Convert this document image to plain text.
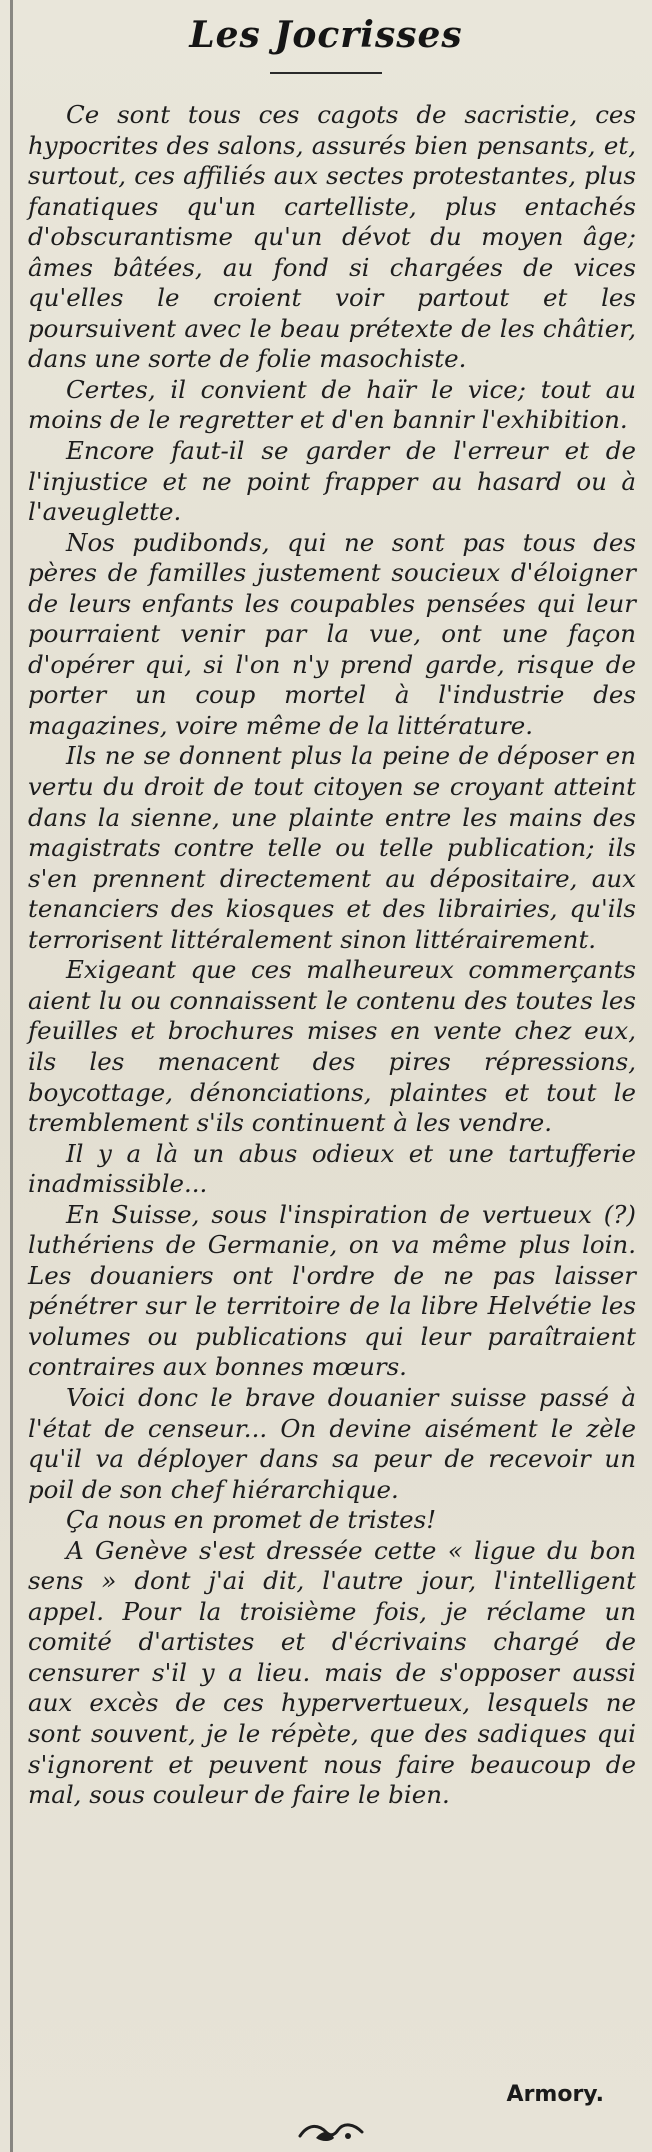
Les Jocrisses

Ce sont tous ces cagots de sacristie, ces hypocrites des salons, assurés bien pensants, et, surtout, ces affiliés aux sectes protestantes, plus fanatiques qu'un cartelliste, plus entachés d'obscurantisme qu'un dévot du moyen âge; âmes bâtées, au fond si chargées de vices qu'elles le croient voir partout et les poursuivent avec le beau prétexte de les châtier, dans une sorte de folie masochiste.

Certes, il convient de haïr le vice; tout au moins de le regretter et d'en bannir l'exhibition.

Encore faut-il se garder de l'erreur et de l'injustice et ne point frapper au hasard ou à l'aveuglette.

Nos pudibonds, qui ne sont pas tous des pères de familles justement soucieux d'éloigner de leurs enfants les coupables pensées qui leur pourraient venir par la vue, ont une façon d'opérer qui, si l'on n'y prend garde, risque de porter un coup mortel à l'industrie des magazines, voire même de la littérature.

Ils ne se donnent plus la peine de déposer en vertu du droit de tout citoyen se croyant atteint dans la sienne, une plainte entre les mains des magistrats contre telle ou telle publication; ils s'en prennent directement au dépositaire, aux tenanciers des kiosques et des librairies, qu'ils terrorisent littéralement sinon littérairement.

Exigeant que ces malheureux commerçants aient lu ou connaissent le contenu des toutes les feuilles et brochures mises en vente chez eux, ils les menacent des pires répressions, boycottage, dénonciations, plaintes et tout le tremblement s'ils continuent à les vendre.

Il y a là un abus odieux et une tartufferie inadmissible...

En Suisse, sous l'inspiration de vertueux (?) luthériens de Germanie, on va même plus loin. Les douaniers ont l'ordre de ne pas laisser pénétrer sur le territoire de la libre Helvétie les volumes ou publications qui leur paraîtraient contraires aux bonnes mœurs.

Voici donc le brave douanier suisse passé à l'état de censeur... On devine aisément le zèle qu'il va déployer dans sa peur de recevoir un poil de son chef hiérarchique.

Ça nous en promet de tristes!

A Genève s'est dressée cette « ligue du bon sens » dont j'ai dit, l'autre jour, l'intelligent appel. Pour la troisième fois, je réclame un comité d'artistes et d'écrivains chargé de censurer s'il y a lieu. mais de s'opposer aussi aux excès de ces hypervertueux, lesquels ne sont souvent, je le répète, que des sadiques qui s'ignorent et peuvent nous faire beaucoup de mal, sous couleur de faire le bien.

Armory.
